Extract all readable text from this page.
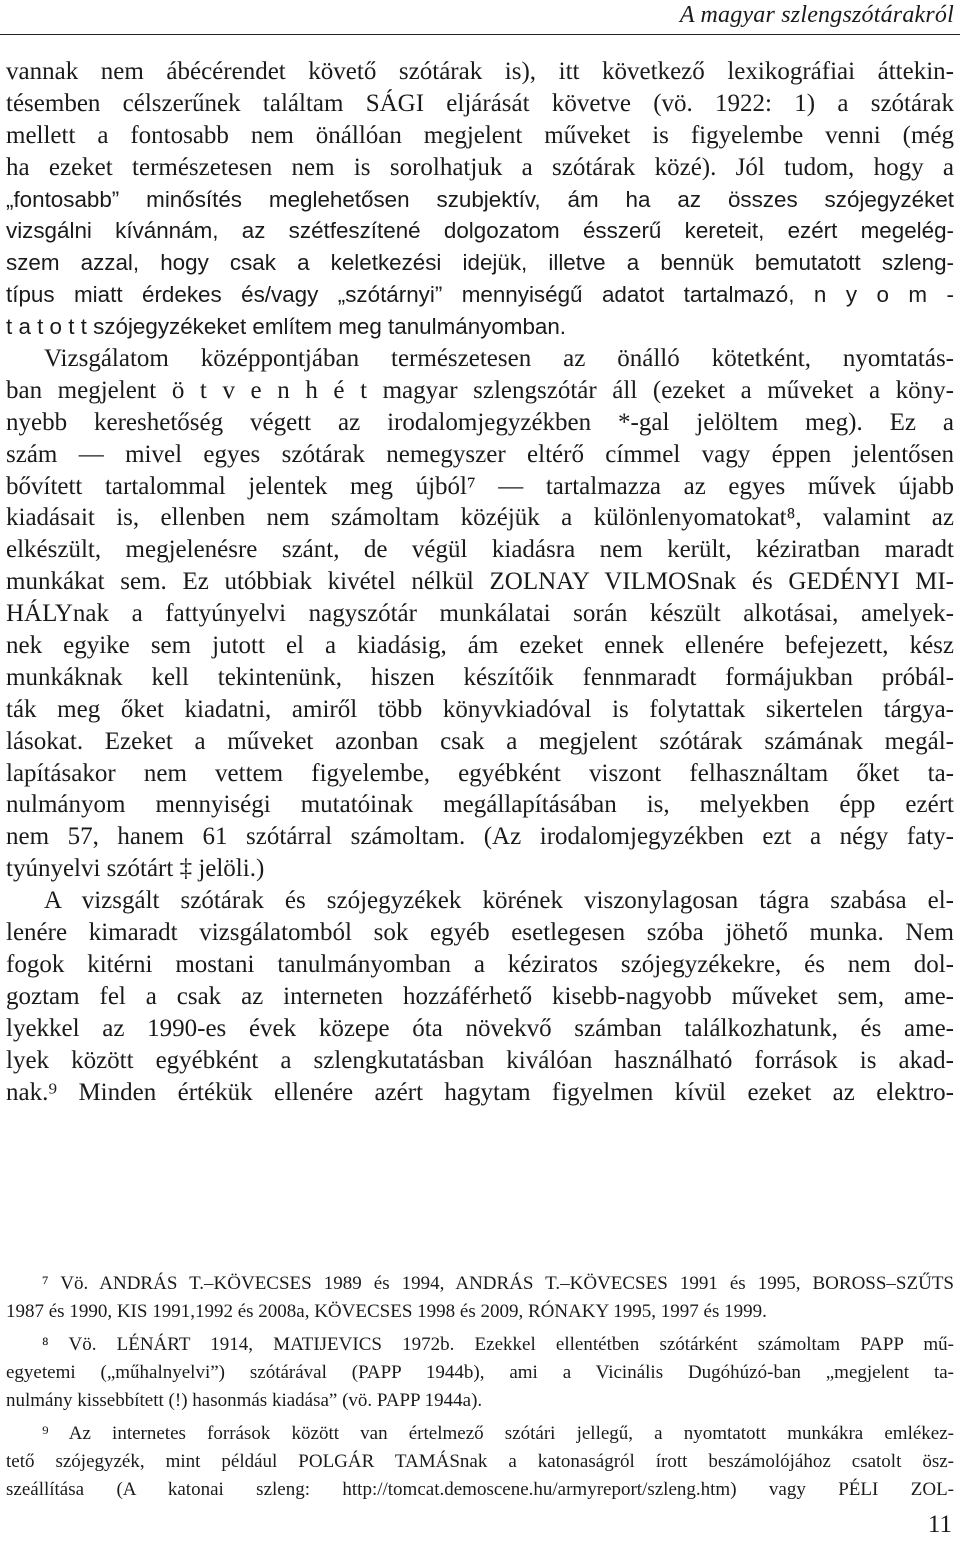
A magyar szlengszótárakról
vannak nem ábécérendet követő szótárak is), itt következő lexikográfiai áttekin-
tésemben célszerűnek találtam SÁGI eljárását követve (vö. 1922: 1) a szótárak
mellett a fontosabb nem önállóan megjelent műveket is figyelembe venni (még
ha ezeket természetesen nem is sorolhatjuk a szótárak közé). Jól tudom, hogy a
„fontosabb” minősítés meglehetősen szubjektív, ám ha az összes szójegyzéket
vizsgálni kívánnám, az szétfeszítené dolgozatom ésszerű kereteit, ezért megelég-
szem azzal, hogy csak a keletkezési idejük, illetve a bennük bemutatott szleng-
típus miatt érdekes és/vagy „szótárnyi” mennyiségű adatot tartalmazó, n y o m -
t a t o t t szójegyzékeket említem meg tanulmányomban.
Vizsgálatom középpontjában természetesen az önálló kötetként, nyomtatás-
ban megjelent ö t v e n h é t magyar szlengszótár áll (ezeket a műveket a köny-
nyebb kereshetőség végett az irodalomjegyzékben *-gal jelöltem meg). Ez a
szám — mivel egyes szótárak nemegyszer eltérő címmel vagy éppen jelentősen
bővített tartalommal jelentek meg újból⁷ — tartalmazza az egyes művek újabb
kiadásait is, ellenben nem számoltam közéjük a különlenyomatokat⁸, valamint az
elkészült, megjelenésre szánt, de végül kiadásra nem került, kéziratban maradt
munkákat sem. Ez utóbbiak kivétel nélkül ZOLNAY VILMOSnak és GEDÉNYI MI-
HÁLYnak a fattyúnyelvi nagyszótár munkálatai során készült alkotásai, amelyek-
nek egyike sem jutott el a kiadásig, ám ezeket ennek ellenére befejezett, kész
munkáknak kell tekintenünk, hiszen készítőik fennmaradt formájukban próbál-
ták meg őket kiadatni, amiről több könyvkiadóval is folytattak sikertelen tárgya-
lásokat. Ezeket a műveket azonban csak a megjelent szótárak számának megál-
lapításakor nem vettem figyelembe, egyébként viszont felhasználtam őket ta-
nulmányom mennyiségi mutatóinak megállapításában is, melyekben épp ezért
nem 57, hanem 61 szótárral számoltam. (Az irodalomjegyzékben ezt a négy faty-
tyúnyelvi szótárt ‡ jelöli.)
A vizsgált szótárak és szójegyzékek körének viszonylagosan tágra szabása el-
lenére kimaradt vizsgálatomból sok egyéb esetlegesen szóba jöhető munka. Nem
fogok kitérni mostani tanulmányomban a kéziratos szójegyzékekre, és nem dol-
goztam fel a csak az interneten hozzáférhető kisebb-nagyobb műveket sem, ame-
lyekkel az 1990-es évek közepe óta növekvő számban találkozhatunk, és ame-
lyek között egyébként a szlengkutatásban kiválóan használható források is akad-
nak.⁹ Minden értékük ellenére azért hagytam figyelmen kívül ezeket az elektro-
⁷ Vö. ANDRÁS T.–KÖVECSES 1989 és 1994, ANDRÁS T.–KÖVECSES 1991 és 1995, BOROSS–SZŰTS
1987 és 1990, KIS 1991,1992 és 2008a, KÖVECSES 1998 és 2009, RÓNAKY 1995, 1997 és 1999.
⁸ Vö. LÉNÁRT 1914, MATIJEVICS 1972b. Ezekkel ellentétben szótárként számoltam PAPP mű-
egyetemi („műhalnyelvi”) szótárával (PAPP 1944b), ami a Vicinális Dugóhúzó-ban „megjelent ta-
nulmány kissebbített (!) hasonmás kiadása” (vö. PAPP 1944a).
⁹ Az internetes források között van értelmező szótári jellegű, a nyomtatott munkákra emlékez-
tető szójegyzék, mint például POLGÁR TAMÁSnak a katonaságról írott beszámolójához csatolt ösz-
szeállítása (A katonai szleng: http://tomcat.demoscene.hu/armyreport/szleng.htm) vagy PÉLI ZOL-
11
